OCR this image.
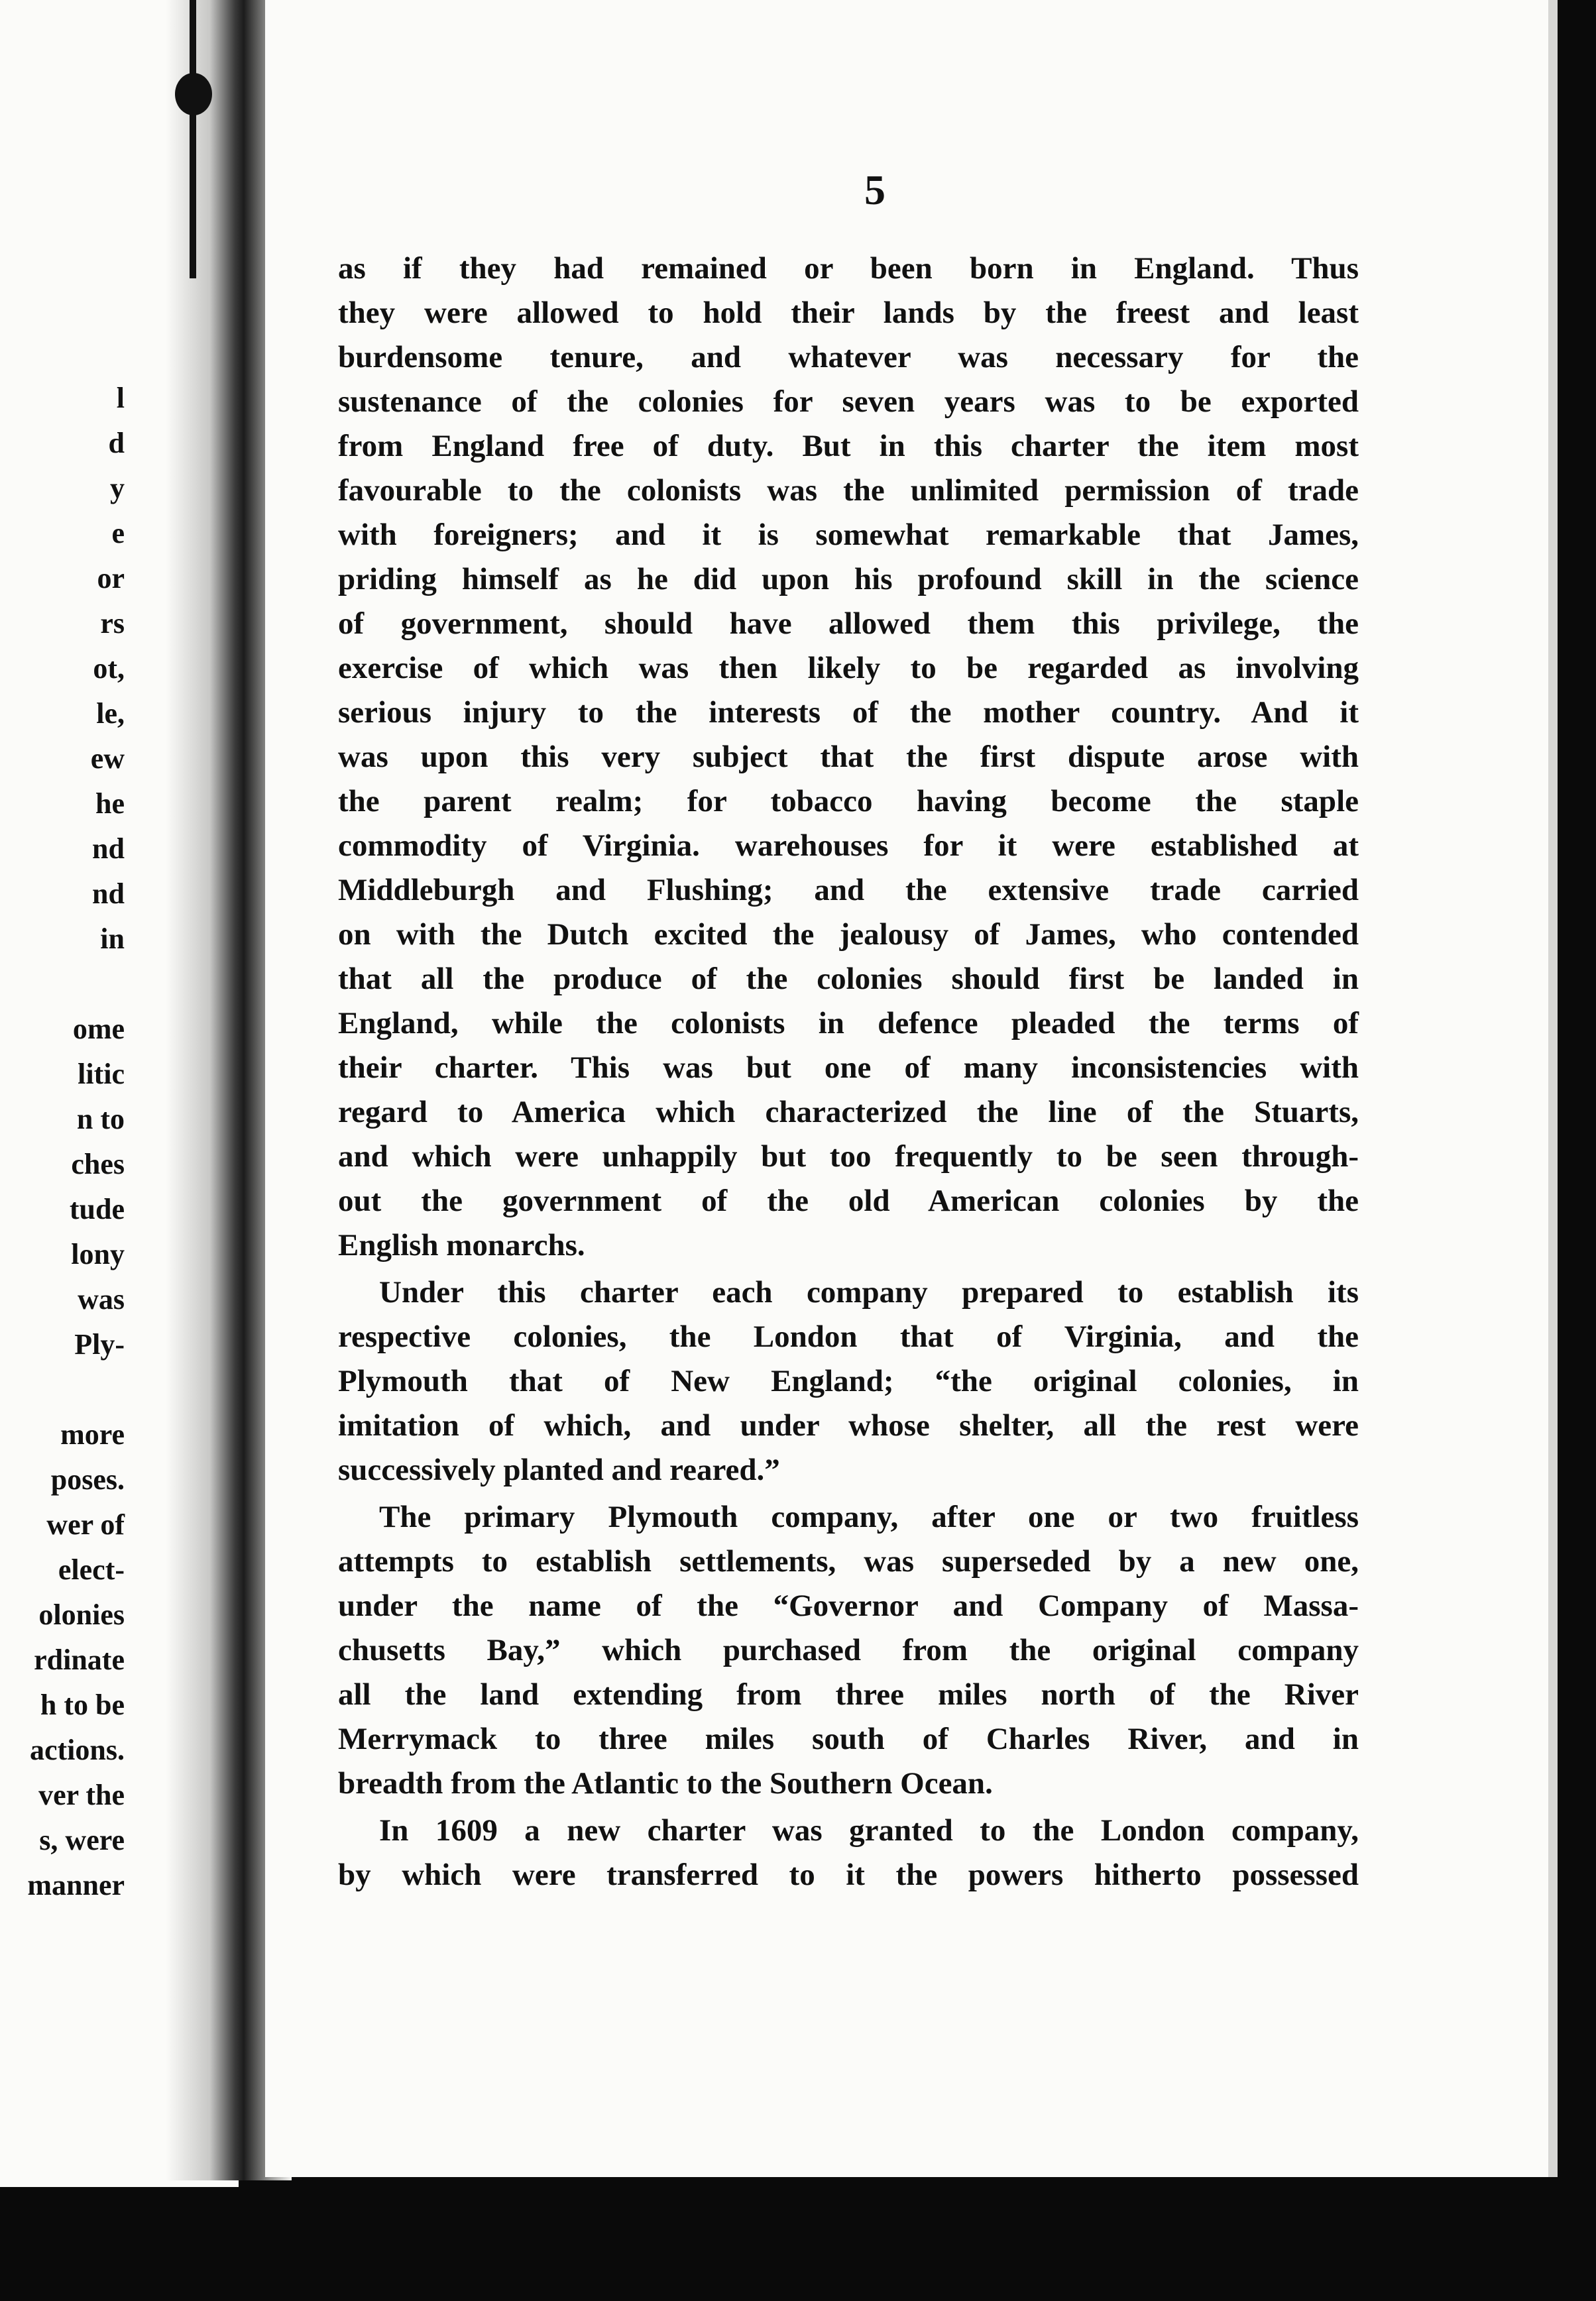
l
d
y
e
or
rs
ot,
le,
ew
he
nd
nd
in
ome
litic
n to
ches
tude
lony
was
Ply-
more
poses.
wer of
elect-
olonies
rdinate
h to be
actions.
ver the
s, were
manner
5
as if they had remained or been born in England. Thus
they were allowed to hold their lands by the freest and least
burdensome tenure, and whatever was necessary for the
sustenance of the colonies for seven years was to be exported
from England free of duty. But in this charter the item most
favourable to the colonists was the unlimited permission of trade
with foreigners; and it is somewhat remarkable that James,
priding himself as he did upon his profound skill in the science
of government, should have allowed them this privilege, the
exercise of which was then likely to be regarded as involving
serious injury to the interests of the mother country. And it
was upon this very subject that the first dispute arose with
the parent realm; for tobacco having become the staple
commodity of Virginia. warehouses for it were established at
Middleburgh and Flushing; and the extensive trade carried
on with the Dutch excited the jealousy of James, who contended
that all the produce of the colonies should first be landed in
England, while the colonists in defence pleaded the terms of
their charter. This was but one of many inconsistencies with
regard to America which characterized the line of the Stuarts,
and which were unhappily but too frequently to be seen through-
out the government of the old American colonies by the
English monarchs.
Under this charter each company prepared to establish its
respective colonies, the London that of Virginia, and the
Plymouth that of New England; “the original colonies, in
imitation of which, and under whose shelter, all the rest were
successively planted and reared.”
The primary Plymouth company, after one or two fruitless
attempts to establish settlements, was superseded by a new one,
under the name of the “Governor and Company of Massa-
chusetts Bay,” which purchased from the original company
all the land extending from three miles north of the River
Merrymack to three miles south of Charles River, and in
breadth from the Atlantic to the Southern Ocean.
In 1609 a new charter was granted to the London company,
by which were transferred to it the powers hitherto possessed
